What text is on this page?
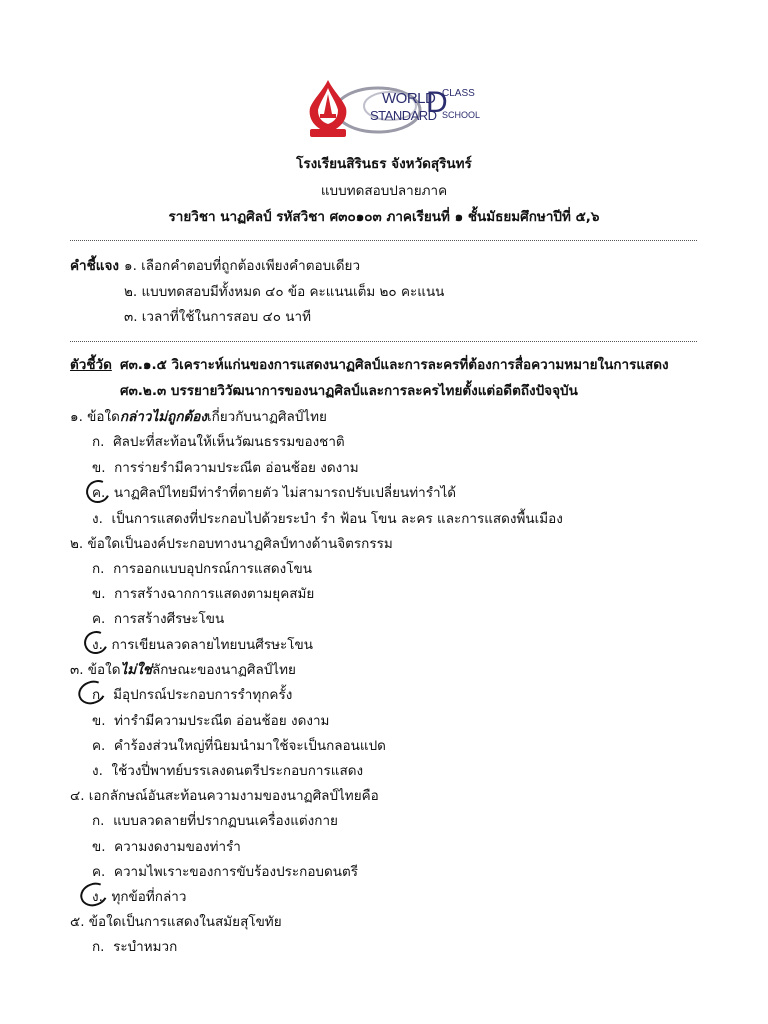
WORLD
D
CLASS
STANDARD SCHOOL
โรงเรียนสิรินธร จังหวัดสุรินทร์
แบบทดสอบปลายภาค
รายวิชา นาฏศิลป์ รหัสวิชา ศ๓๐๑๐๓ ภาคเรียนที่ ๑ ชั้นมัธยมศึกษาปีที่ ๕,๖
คำชี้แจง ๑. เลือกคำตอบที่ถูกต้องเพียงคำตอบเดียว
๒. แบบทดสอบมีทั้งหมด ๔๐ ข้อ คะแนนเต็ม ๒๐ คะแนน
๓. เวลาที่ใช้ในการสอบ ๔๐ นาที
ตัวชี้วัด ศ๓.๑.๕ วิเคราะห์แก่นของการแสดงนาฏศิลป์และการละครที่ต้องการสื่อความหมายในการแสดง
ศ๓.๒.๓ บรรยายวิวัฒนาการของนาฏศิลป์และการละครไทยตั้งแต่อดีตถึงปัจจุบัน
๑. ข้อใดกล่าวไม่ถูกต้องเกี่ยวกับนาฏศิลป์ไทย
ก. ศิลปะที่สะท้อนให้เห็นวัฒนธรรมของชาติ
ข. การร่ายรำมีความประณีต อ่อนช้อย งดงาม
ค. นาฏศิลป์ไทยมีท่ารำที่ตายตัว ไม่สามารถปรับเปลี่ยนท่ารำได้
ง. เป็นการแสดงที่ประกอบไปด้วยระบำ รำ ฟ้อน โขน ละคร และการแสดงพื้นเมือง
๒. ข้อใดเป็นองค์ประกอบทางนาฏศิลป์ทางด้านจิตรกรรม
ก. การออกแบบอุปกรณ์การแสดงโขน
ข. การสร้างฉากการแสดงตามยุคสมัย
ค. การสร้างศีรษะโขน
ง. การเขียนลวดลายไทยบนศีรษะโขน
๓. ข้อใดไม่ใช่ลักษณะของนาฏศิลป์ไทย
ก. มีอุปกรณ์ประกอบการรำทุกครั้ง
ข. ท่ารำมีความประณีต อ่อนช้อย งดงาม
ค. คำร้องส่วนใหญ่ที่นิยมนำมาใช้จะเป็นกลอนแปด
ง. ใช้วงปี่พาทย์บรรเลงดนตรีประกอบการแสดง
๔. เอกลักษณ์อันสะท้อนความงามของนาฏศิลป์ไทยคือ
ก. แบบลวดลายที่ปรากฏบนเครื่องแต่งกาย
ข. ความงดงามของท่ารำ
ค. ความไพเราะของการขับร้องประกอบดนตรี
ง. ทุกข้อที่กล่าว
๕. ข้อใดเป็นการแสดงในสมัยสุโขทัย
ก. ระบำหมวก
